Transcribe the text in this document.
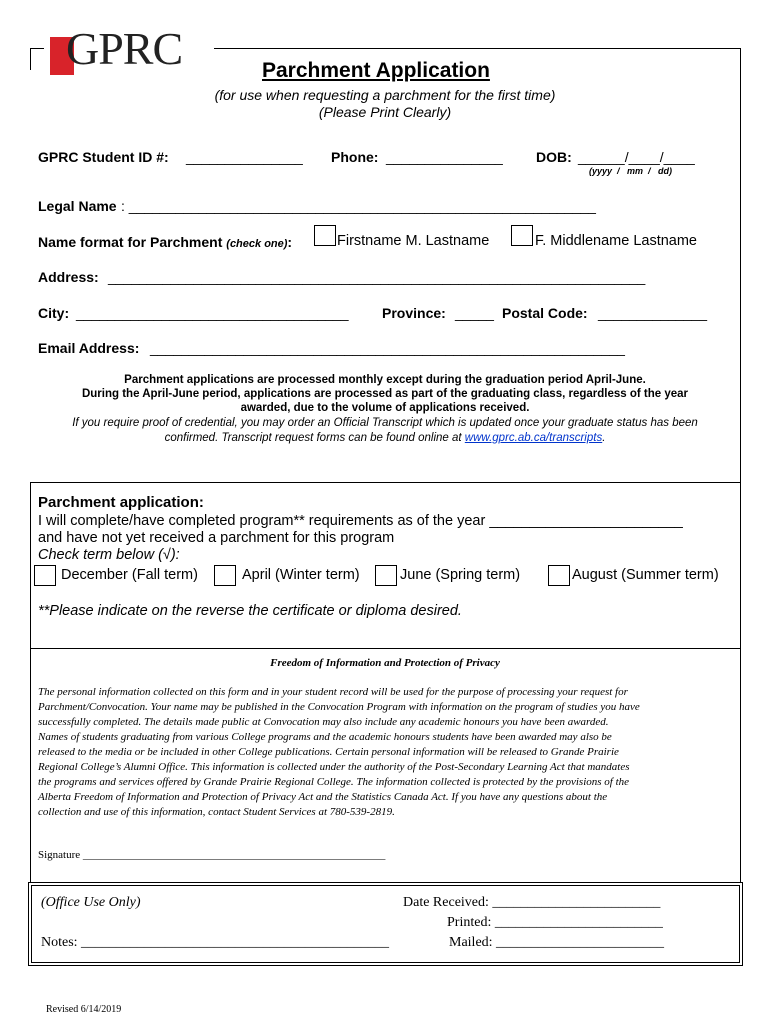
GPRC	Parchment Application
(for use when requesting a parchment for the first time)
(Please Print Clearly)
GPRC Student ID #: _______________ Phone: _______________ DOB: ______/____/____
(yyyy  /   mm  /   dd)
Legal Name : ____________________________________________________________
Name format for Parchment (check one):	Firstname M. Lastname	F. Middlename Lastname
Address: _____________________________________________________________________
City: ___________________________________ Province: _____ Postal Code: ______________
Email Address: _____________________________________________________________
Parchment applications are processed monthly except during the graduation period April-June.
During the April-June period, applications are processed as part of the graduating class, regardless of the year
awarded, due to the volume of applications received.
If you require proof of credential, you may order an Official Transcript which is updated once your graduate status has been
confirmed. Transcript request forms can be found online at www.gprc.ab.ca/transcripts.
Parchment application:
I will complete/have completed program** requirements as of the year ________________________
and have not yet received a parchment for this program
Check term below (√):
December (Fall term)	April (Winter term)	June (Spring term)	August (Summer term)
**Please indicate on the reverse the certificate or diploma desired.
Freedom of Information and Protection of Privacy
The personal information collected on this form and in your student record will be used for the purpose of processing your request for
Parchment/Convocation. Your name may be published in the Convocation Program with information on the program of studies you have
successfully completed. The details made public at Convocation may also include any academic honours you have been awarded.
Names of students graduating from various College programs and the academic honours students have been awarded may also be
released to the media or be included in other College publications. Certain personal information will be released to Grande Prairie
Regional College’s Alumni Office. This information is collected under the authority of the Post-Secondary Learning Act that mandates
the programs and services offered by Grande Prairie Regional College. The information collected is protected by the provisions of the
Alberta Freedom of Information and Protection of Privacy Act and the Statistics Canada Act. If you have any questions about the
collection and use of this information, contact Student Services at 780-539-2819.
Signature _______________________________________________________
(Office Use Only)	Date Received: ________________________
Printed: ________________________
Notes: ____________________________________________	Mailed: ________________________
Revised 6/14/2019
